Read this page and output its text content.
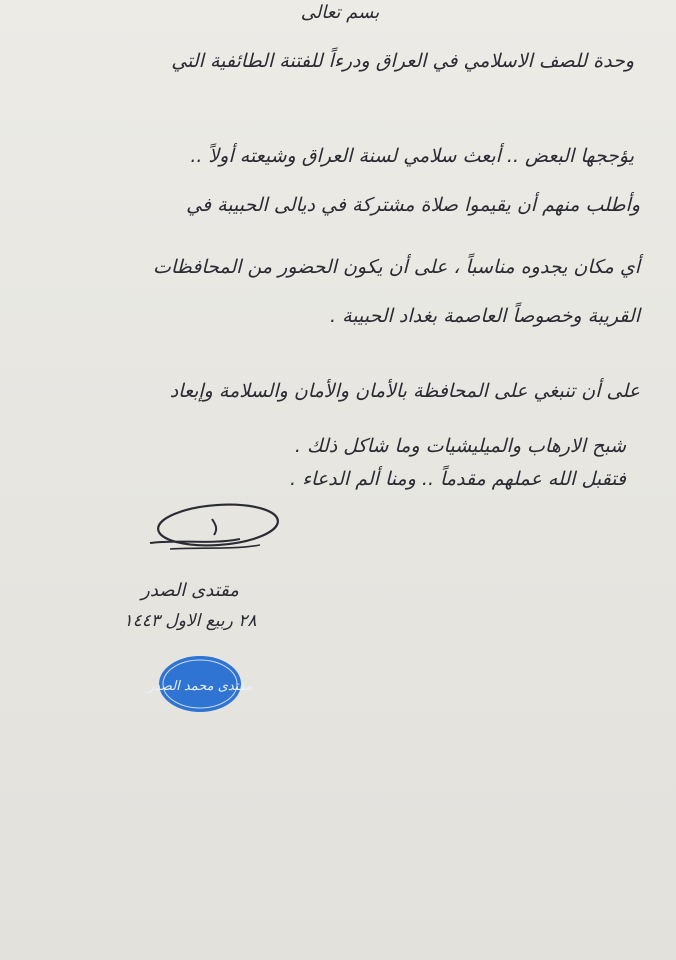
بسم تعالى
وحدة للصف الاسلامي في العراق ودرءاً للفتنة الطائفية التي
يؤججها البعض .. أبعث سلامي لسنة العراق وشيعته أولاً ..
وأطلب منهم أن يقيموا صلاة مشتركة في ديالى الحبيبة في
أي مكان يجدوه مناسباً ، على أن يكون الحضور من المحافظات
القريبة وخصوصاً العاصمة بغداد الحبيبة .
على أن تنبغي على المحافظة بالأمان والأمان والسلامة وإبعاد
شبح الارهاب والميليشيات وما شاكل ذلك .
فتقبل الله عملهم مقدماً .. ومنا ألم الدعاء .
مقتدى الصدر
٢٨ ربيع الاول ١٤٤٣
مقتدى محمد الصدر
